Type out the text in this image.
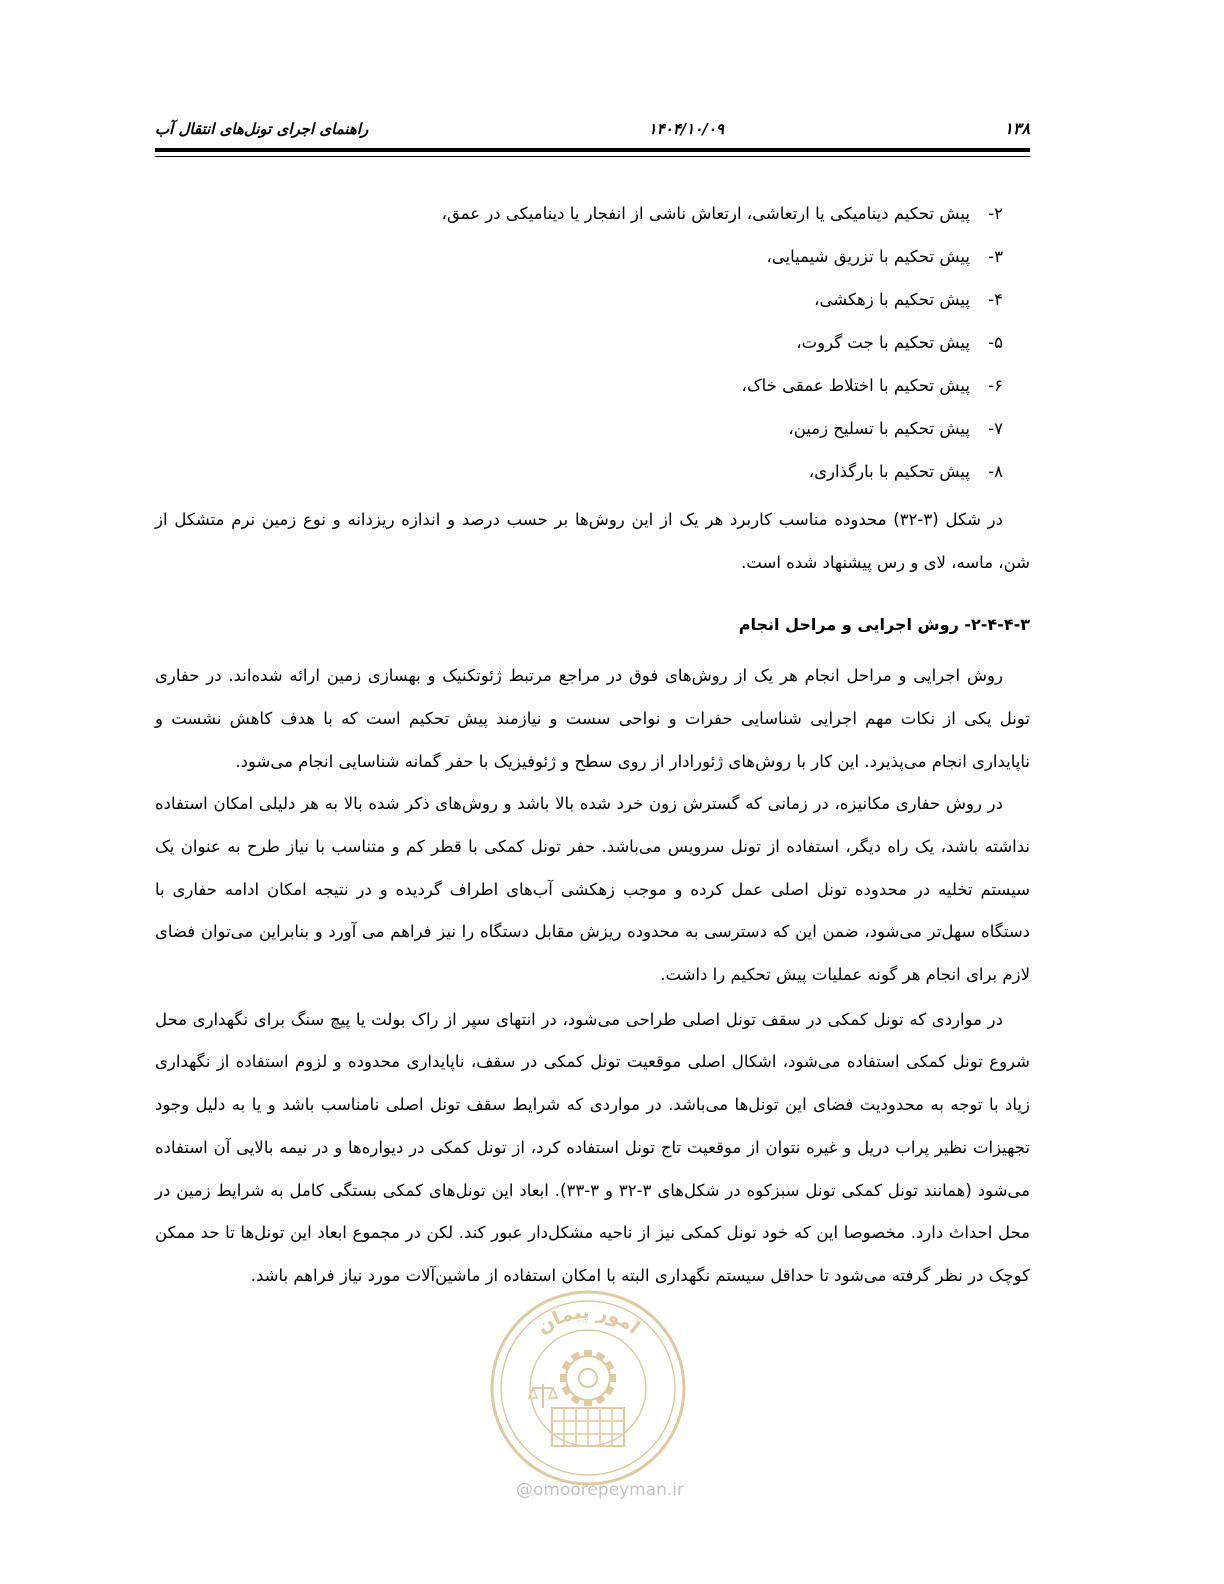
امور پیمان
@omoorepeyman.ir
۱۳۸
۱۴۰۴/۱۰/۰۹
راهنمای اجرای تونل‌های انتقال آب
۲-
پیش تحکیم دینامیکی یا ارتعاشی، ارتعاش ناشی از انفجار یا دینامیکی در عمق،
۳-
پیش تحکیم با تزریق شیمیایی،
۴-
پیش تحکیم با زهکشی،
۵-
پیش تحکیم با جت گروت،
۶-
پیش تحکیم با اختلاط عمقی خاک،
۷-
پیش تحکیم با تسلیح زمین،
۸-
پیش تحکیم با بارگذاری،

در شکل (۳-۳۲) محدوده مناسب کاربرد هر یک از این روش‌ها بر حسب درصد و اندازه ریزدانه و نوع زمین نرم متشکل از شن، ماسه، لای و رس پیشنهاد شده است.

۳-۴-۴-۲- روش اجرایی و مراحل انجام

روش اجرایی و مراحل انجام هر یک از روش‌های فوق در مراجع مرتبط ژئوتکنیک و بهسازی زمین ارائه شده‌اند. در حفاری تونل یکی از نکات مهم اجرایی شناسایی حفرات و نواحی سست و نیازمند پیش تحکیم است که با هدف کاهش نشست و ناپایداری انجام می‌پذیرد. این کار با روش‌های ژئورادار از روی سطح و ژئوفیزیک با حفر گمانه شناسایی انجام می‌شود.

در روش حفاری مکانیزه، در زمانی که گسترش زون خرد شده بالا باشد و روش‌های ذکر شده بالا به هر دلیلی امکان استفاده نداشته باشد، یک راه دیگر، استفاده از تونل سرویس می‌باشد. حفر تونل کمکی با قطر کم و متناسب با نیاز طرح به عنوان یک سیستم تخلیه در محدوده تونل اصلی عمل کرده و موجب زهکشی آب‌های اطراف گردیده و در نتیجه امکان ادامه حفاری با دستگاه سهل‌تر می‌شود، ضمن این که دسترسی به محدوده ریزش مقابل دستگاه را نیز فراهم می آورد و بنابراین می‌توان فضای لازم برای انجام هر گونه عملیات پیش تحکیم را داشت.

در مواردی که تونل کمکی در سقف تونل اصلی طراحی می‌شود، در انتهای سپر از راک بولت یا پیچ سنگ برای نگهداری محل شروع تونل کمکی استفاده می‌شود، اشکال اصلی موقعیت تونل کمکی در سقف، ناپایداری محدوده و لزوم استفاده از نگهداری زیاد با توجه به محدودیت فضای این تونل‌ها می‌باشد. در مواردی که شرایط سقف تونل اصلی نامناسب باشد و یا به دلیل وجود تجهیزات نظیر پراب دریل و غیره نتوان از موقعیت تاج تونل استفاده کرد، از تونل کمکی در دیواره‌ها و در نیمه بالایی آن استفاده می‌شود (همانند تونل کمکی تونل سبزکوه در شکل‌های ۳-۳۲ و ۳-۳۳). ابعاد این تونل‌های کمکی بستگی کامل به شرایط زمین در محل احداث دارد. مخصوصا این که خود تونل کمکی نیز از ناحیه مشکل‌دار عبور کند. لکن در مجموع ابعاد این تونل‌ها تا حد ممکن کوچک در نظر گرفته می‌شود تا حداقل سیستم نگهداری البته با امکان استفاده از ماشین‌آلات مورد نیاز فراهم باشد.
